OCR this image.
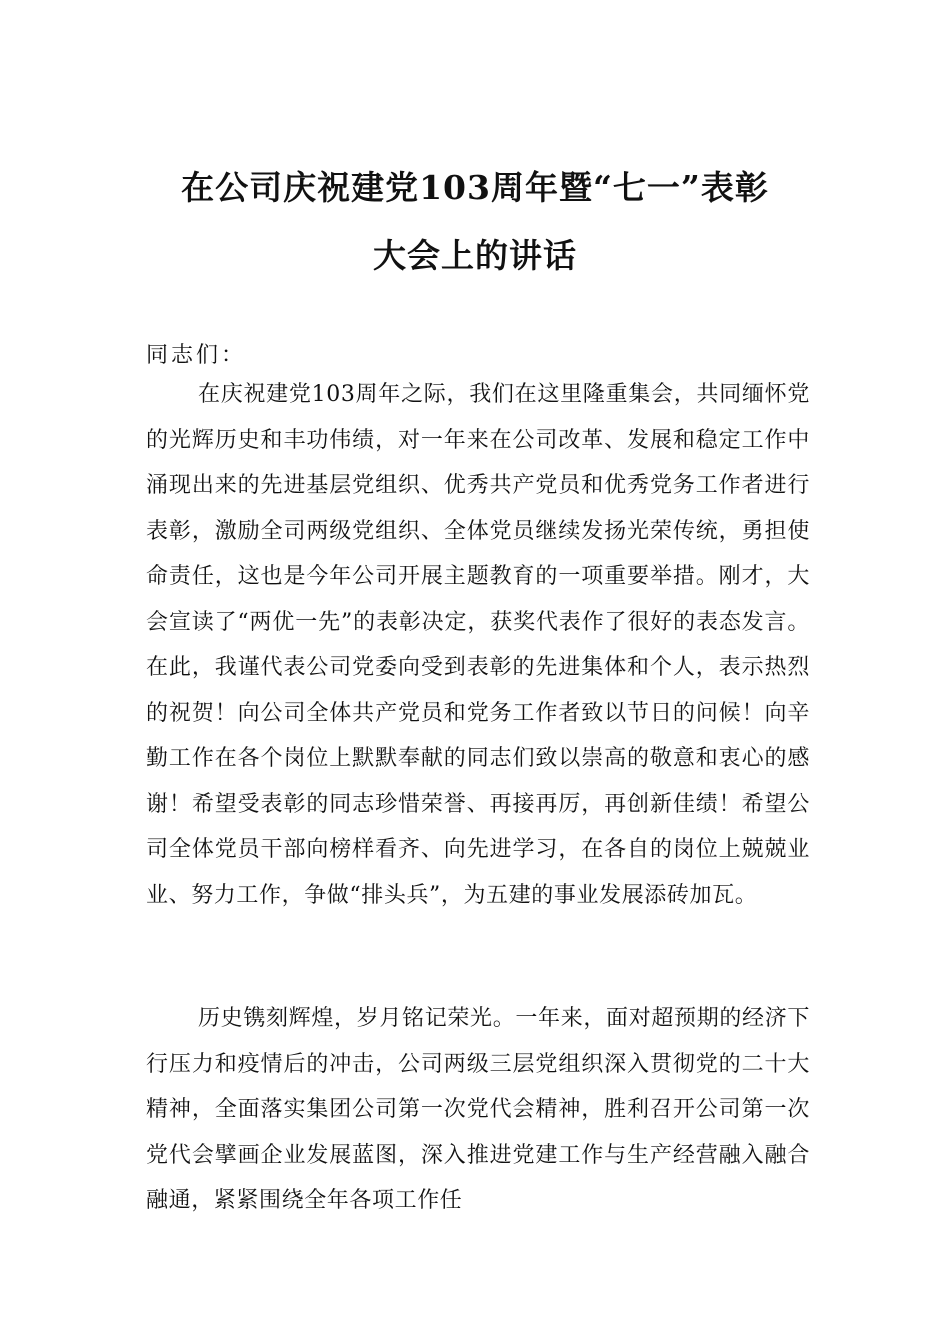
在公司庆祝建党103周年暨“七一”表彰
大会上的讲话

同志们：

在庆祝建党103周年之际，我们在这里隆重集会，共同缅怀党的光辉历史和丰功伟绩，对一年来在公司改革、发展和稳定工作中涌现出来的先进基层党组织、优秀共产党员和优秀党务工作者进行表彰，激励全司两级党组织、全体党员继续发扬光荣传统，勇担使命责任，这也是今年公司开展主题教育的一项重要举措。刚才，大会宣读了“两优一先”的表彰决定，获奖代表作了很好的表态发言。在此，我谨代表公司党委向受到表彰的先进集体和个人，表示热烈的祝贺！向公司全体共产党员和党务工作者致以节日的问候！向辛勤工作在各个岗位上默默奉献的同志们致以崇高的敬意和衷心的感谢！希望受表彰的同志珍惜荣誉、再接再厉，再创新佳绩！希望公司全体党员干部向榜样看齐、向先进学习，在各自的岗位上兢兢业业、努力工作，争做“排头兵”，为五建的事业发展添砖加瓦。

历史镌刻辉煌，岁月铭记荣光。一年来，面对超预期的经济下行压力和疫情后的冲击，公司两级三层党组织深入贯彻党的二十大精神，全面落实集团公司第一次党代会精神，胜利召开公司第一次党代会擘画企业发展蓝图，深入推进党建工作与生产经营融入融合融通，紧紧围绕全年各项工作任
